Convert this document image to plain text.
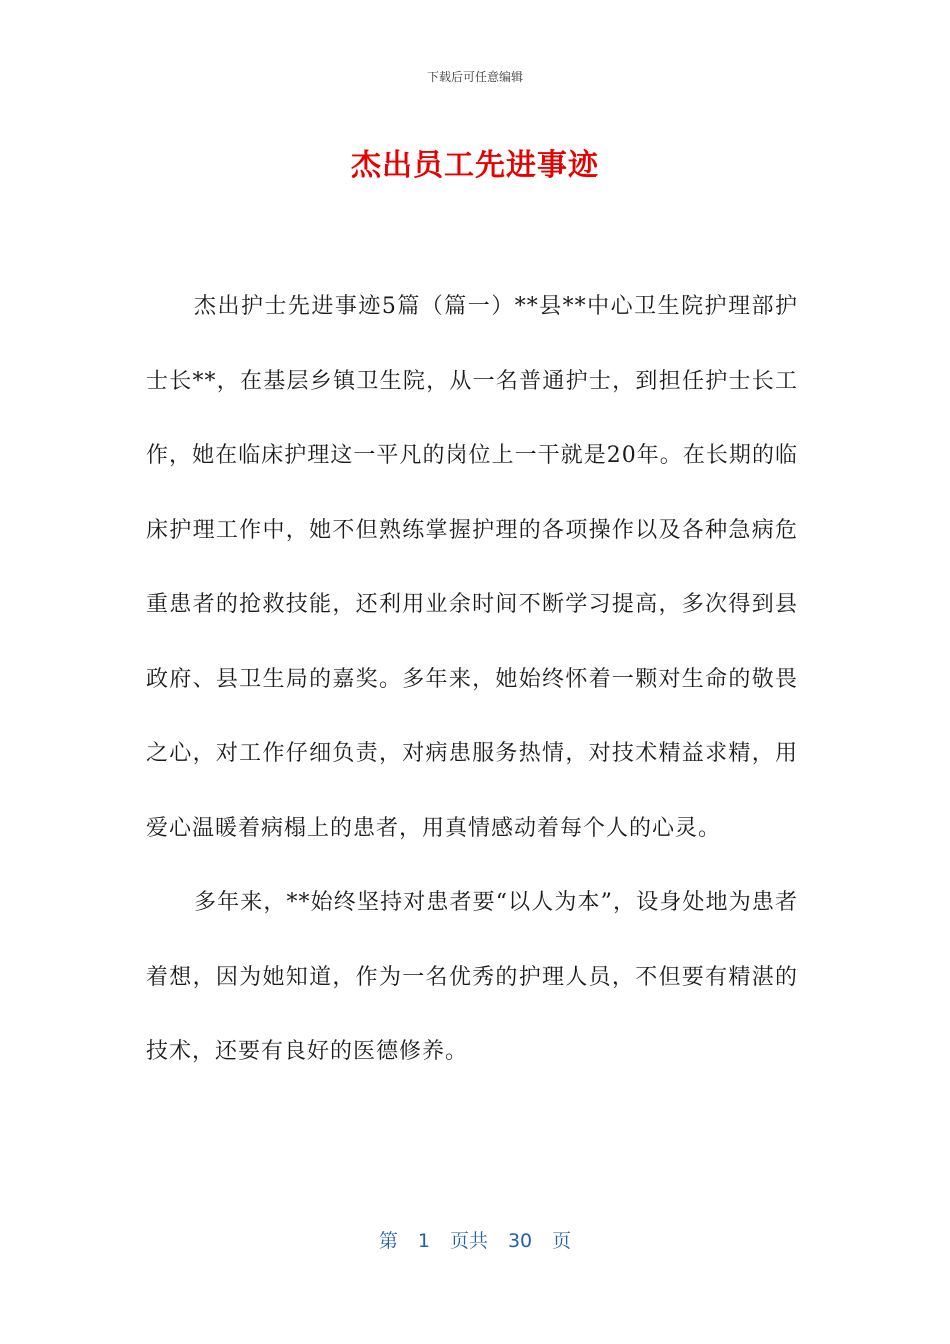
下载后可任意编辑
杰出员工先进事迹

杰出护士先进事迹5篇（篇一）**县**中心卫生院护理部护士长**，在基层乡镇卫生院，从一名普通护士，到担任护士长工作，她在临床护理这一平凡的岗位上一干就是20年。在长期的临床护理工作中，她不但熟练掌握护理的各项操作以及各种急病危重患者的抢救技能，还利用业余时间不断学习提高，多次得到县政府、县卫生局的嘉奖。多年来，她始终怀着一颗对生命的敬畏之心，对工作仔细负责，对病患服务热情，对技术精益求精，用爱心温暖着病榻上的患者，用真情感动着每个人的心灵。

多年来，**始终坚持对患者要“以人为本”，设身处地为患者着想，因为她知道，作为一名优秀的护理人员，不但要有精湛的技术，还要有良好的医德修养。

第 1 页共 30 页
